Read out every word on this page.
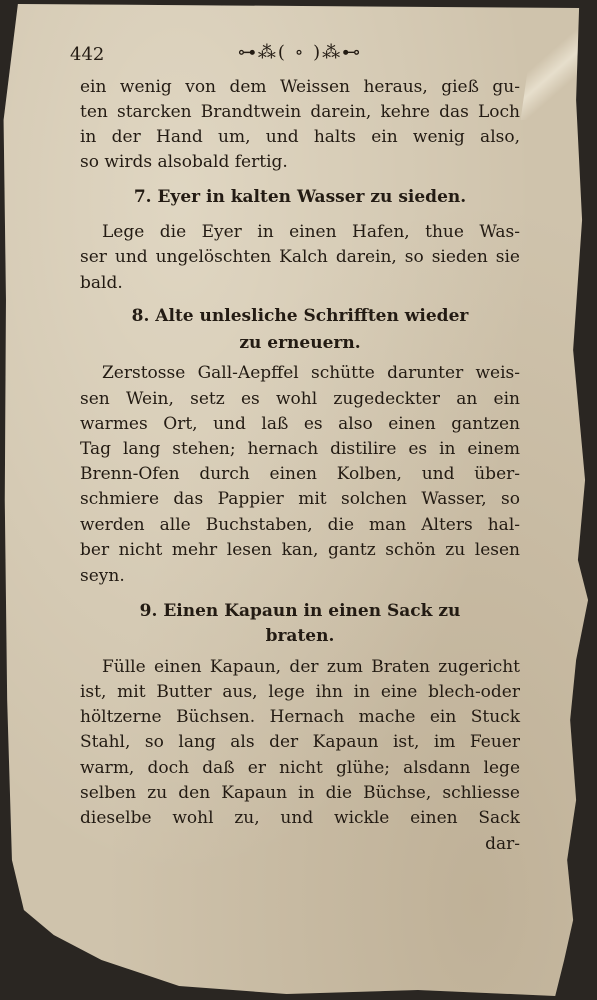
442	⊶⁂( ∘ )⁂⊷
ein wenig von dem Weissen heraus, gieß gu-
ten starcken Brandtwein darein, kehre das Loch
in der Hand um, und halts ein wenig also,
so wirds alsobald fertig.
7. Eyer in kalten Wasser zu sieden.
Lege die Eyer in einen Hafen, thue Was-
ser und ungelöschten Kalch darein, so sieden sie
bald.
8. Alte unlesliche Schrifften wieder
zu erneuern.
Zerstosse Gall-Aepffel schütte darunter weis-
sen Wein, setz es wohl zugedeckter an ein
warmes Ort, und laß es also einen gantzen
Tag lang stehen; hernach distilire es in einem
Brenn-Ofen durch einen Kolben, und über-
schmiere das Pappier mit solchen Wasser, so
werden alle Buchstaben, die man Alters hal-
ber nicht mehr lesen kan, gantz schön zu lesen
seyn.
9. Einen Kapaun in einen Sack zu
braten.
Fülle einen Kapaun, der zum Braten zugericht
ist, mit Butter aus, lege ihn in eine blech-oder
höltzerne Büchsen. Hernach mache ein Stuck
Stahl, so lang als der Kapaun ist, im Feuer
warm, doch daß er nicht glühe; alsdann lege
selben zu den Kapaun in die Büchse, schliesse
dieselbe wohl zu, und wickle einen Sack
dar-
